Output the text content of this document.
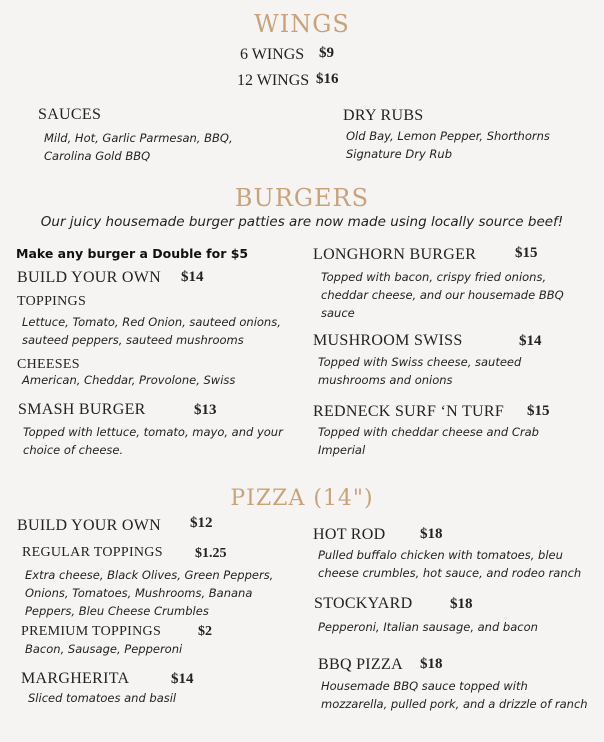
WINGS
6 WINGS $9
12 WINGS $16
SAUCES
Mild, Hot, Garlic Parmesan, BBQ, Carolina Gold BBQ
DRY RUBS
Old Bay, Lemon Pepper, Shorthorns Signature Dry Rub
BURGERS
Our juicy housemade burger patties are now made using locally source beef!
Make any burger a Double for $5
BUILD YOUR OWN $14
TOPPINGS
Lettuce, Tomato, Red Onion, sauteed onions, sauteed peppers, sauteed mushrooms
CHEESES
American, Cheddar, Provolone, Swiss
SMASH BURGER	$13
Topped with lettuce, tomato, mayo, and your choice of cheese.
LONGHORN BURGER	$15
Topped with bacon, crispy fried onions, cheddar cheese, and our housemade BBQ sauce
MUSHROOM SWISS	$14
Topped with Swiss cheese, sauteed mushrooms and onions
REDNECK SURF ‘N TURF $15
Topped with cheddar cheese and Crab Imperial
PIZZA (14")
BUILD YOUR OWN $12
REGULAR TOPPINGS $1.25
Extra cheese, Black Olives, Green Peppers, Onions, Tomatoes, Mushrooms, Banana Peppers, Bleu Cheese Crumbles
PREMIUM TOPPINGS	$2
Bacon, Sausage, Pepperoni
MARGHERITA	$14
Sliced tomatoes and basil
HOT ROD $18
Pulled buffalo chicken with tomatoes, bleu cheese crumbles, hot sauce, and rodeo ranch
STOCKYARD	$18
Pepperoni, Italian sausage, and bacon
BBQ PIZZA $18
Housemade BBQ sauce topped with mozzarella, pulled pork, and a drizzle of ranch
